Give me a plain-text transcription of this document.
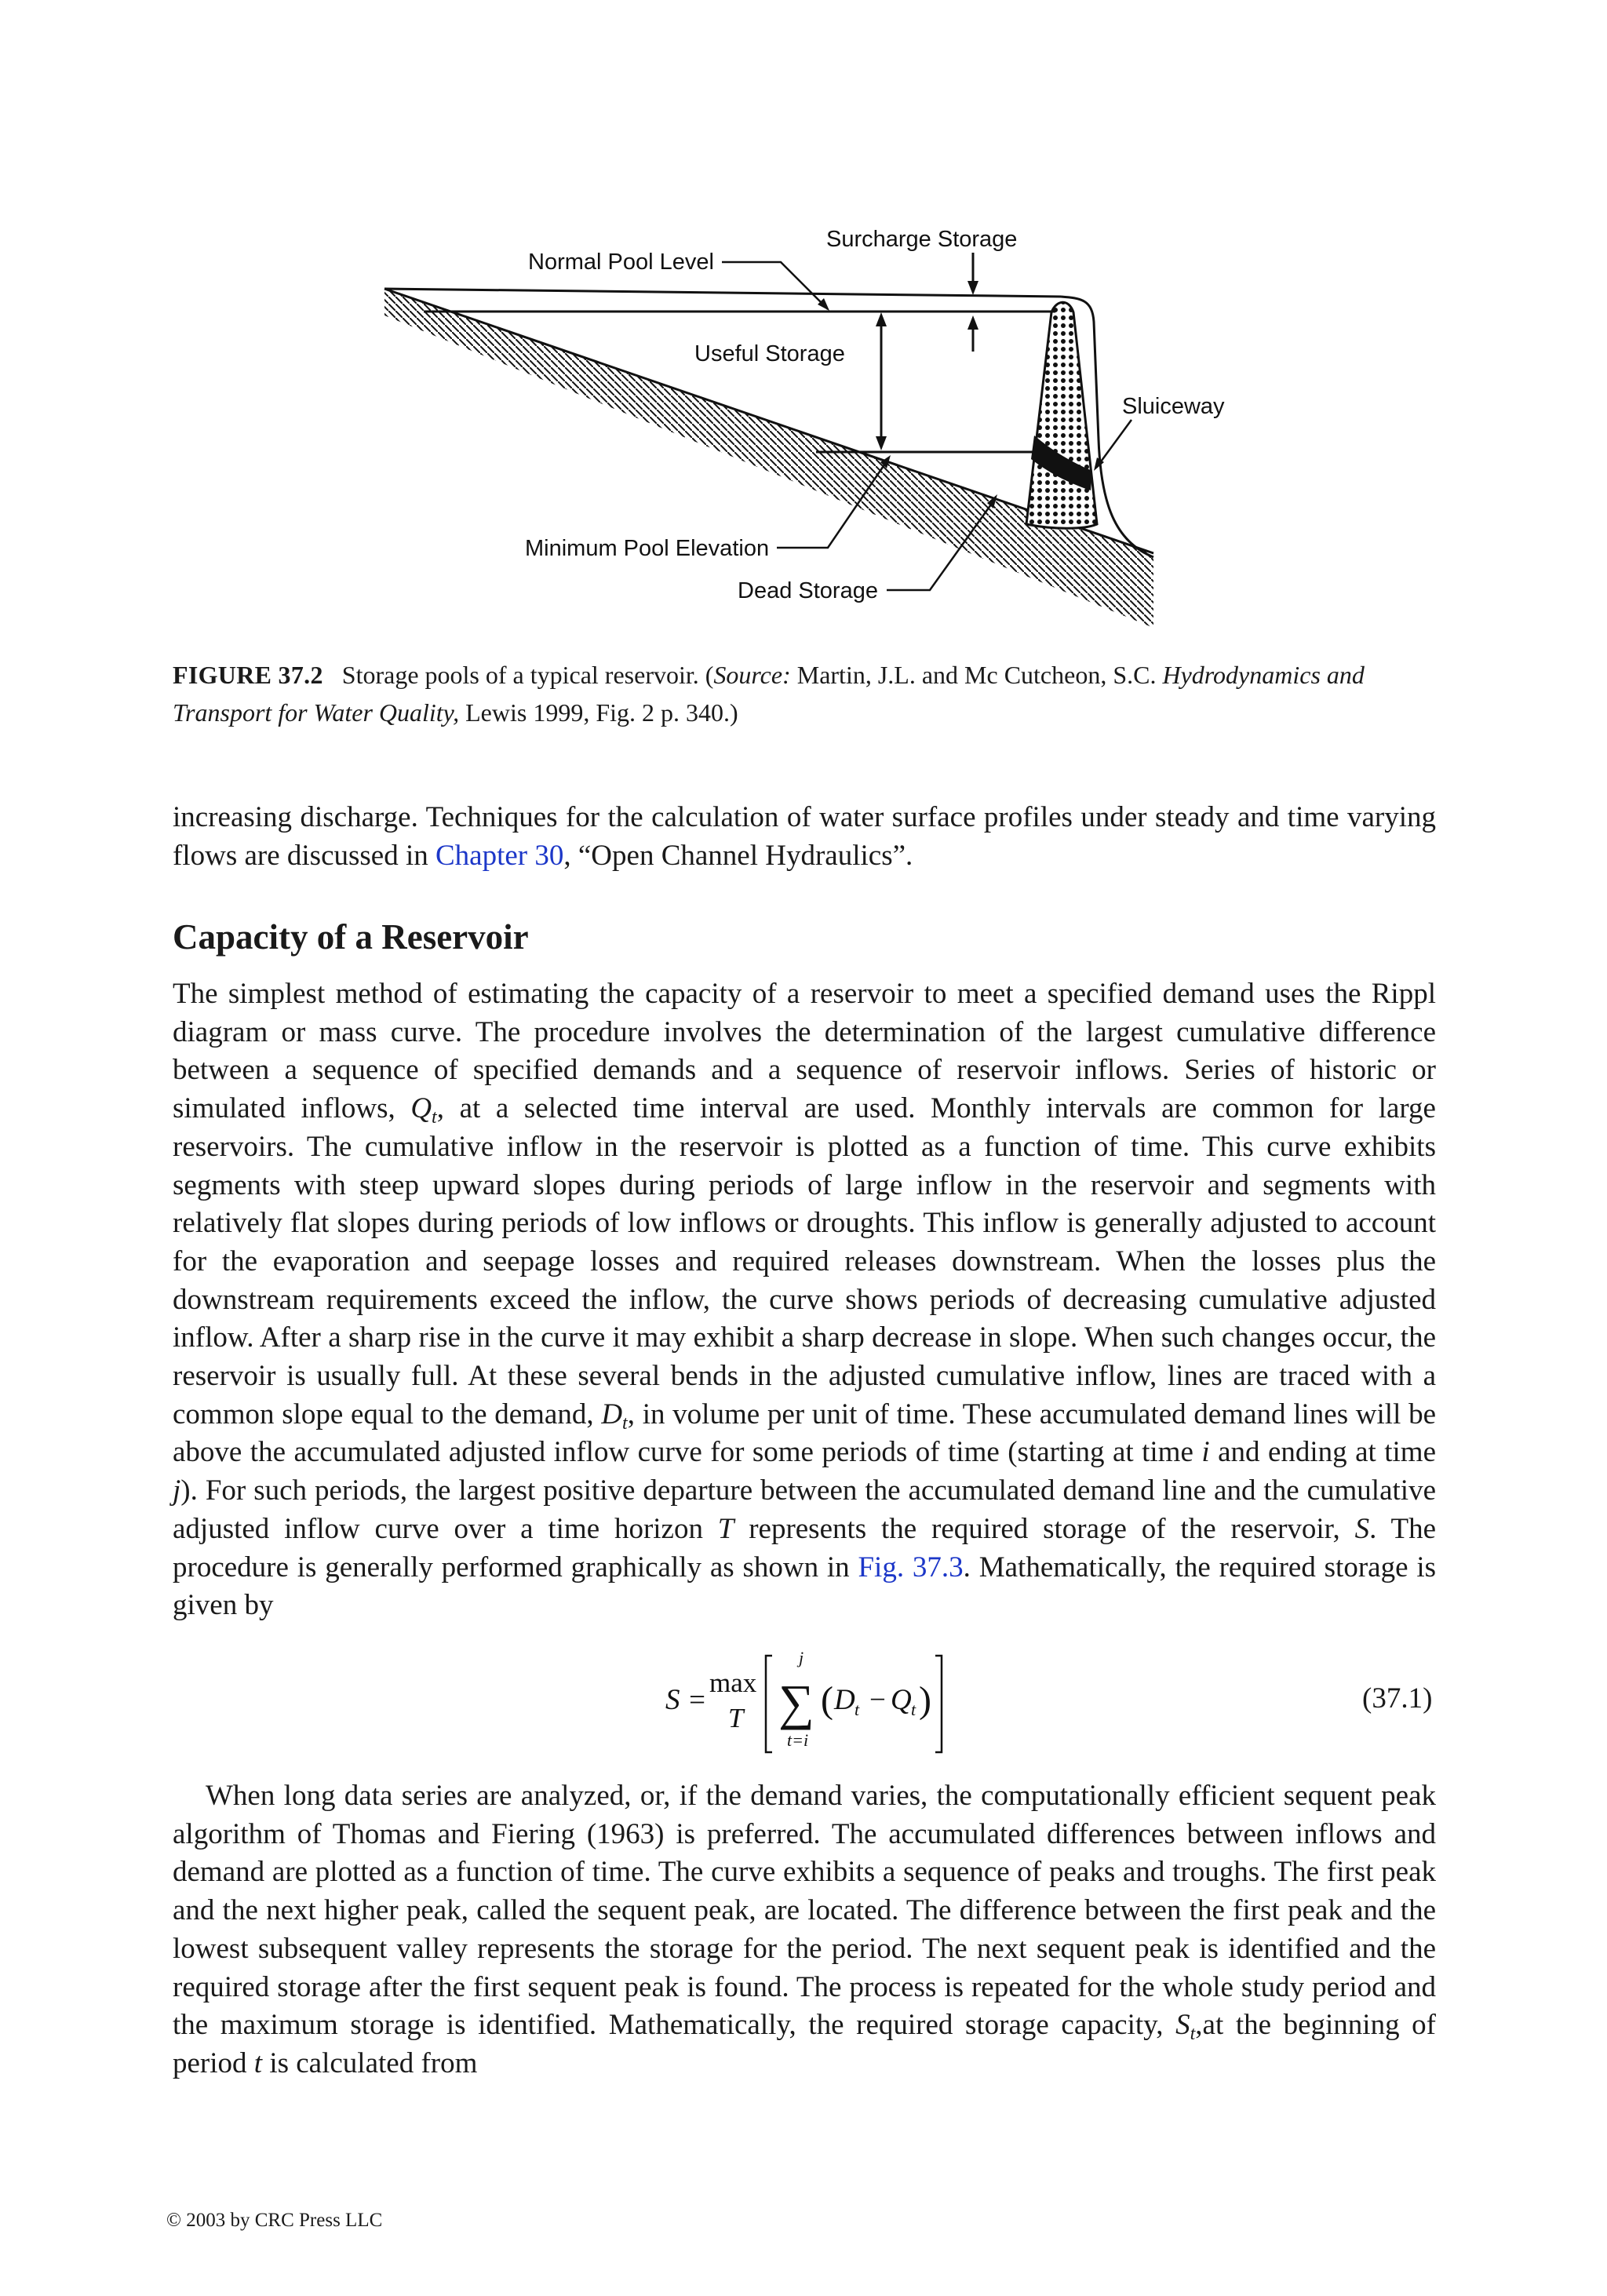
Surcharge Storage
Normal Pool Level
Useful Storage
Sluiceway
Minimum Pool Elevation
Dead Storage
FIGURE 37.2 Storage pools of a typical reservoir. (Source: Martin, J.L. and Mc Cutcheon, S.C. Hydrodynamics and Transport for Water Quality, Lewis 1999, Fig. 2 p. 340.)
increasing discharge. Techniques for the calculation of water surface profiles under steady and time varying flows are discussed in Chapter 30, “Open Channel Hydraulics”.
Capacity of a Reservoir
The simplest method of estimating the capacity of a reservoir to meet a specified demand uses the Rippl diagram or mass curve. The procedure involves the determination of the largest cumulative difference between a sequence of specified demands and a sequence of reservoir inflows. Series of historic or simulated inflows, $Q_t$, at a selected time interval are used. Monthly intervals are common for large reservoirs. The cumulative inflow in the reservoir is plotted as a function of time. This curve exhibits segments with steep upward slopes during periods of large inflow in the reservoir and segments with relatively flat slopes during periods of low inflows or droughts. This inflow is generally adjusted to account for the evaporation and seepage losses and required releases downstream. When the losses plus the downstream requirements exceed the inflow, the curve shows periods of decreasing cumulative adjusted inflow. After a sharp rise in the curve it may exhibit a sharp decrease in slope. When such changes occur, the reservoir is usually full. At these several bends in the adjusted cumulative inflow, lines are traced with a common slope equal to the demand, $D_t$, in volume per unit of time. These accumulated demand lines will be above the accumulated adjusted inflow curve for some periods of time (starting at time i and ending at time j). For such periods, the largest positive departure between the accumulated demand line and the cumulative adjusted inflow curve over a time horizon T represents the required storage of the reservoir, S. The procedure is generally performed graphically as shown in Fig. 37.3. Mathematically, the required storage is given by
S =
max
T
j
∑
t=i
( D t − Q t )	(37.1)
When long data series are analyzed, or, if the demand varies, the computationally efficient sequent peak algorithm of Thomas and Fiering (1963) is preferred. The accumulated differences between inflows and demand are plotted as a function of time. The curve exhibits a sequence of peaks and troughs. The first peak and the next higher peak, called the sequent peak, are located. The difference between the first peak and the lowest subsequent valley represents the storage for the period. The next sequent peak is identified and the required storage after the first sequent peak is found. The process is repeated for the whole study period and the maximum storage is identified. Mathematically, the required storage capacity, $S_t,at$ the beginning of period t is calculated from
© 2003 by CRC Press LLC
